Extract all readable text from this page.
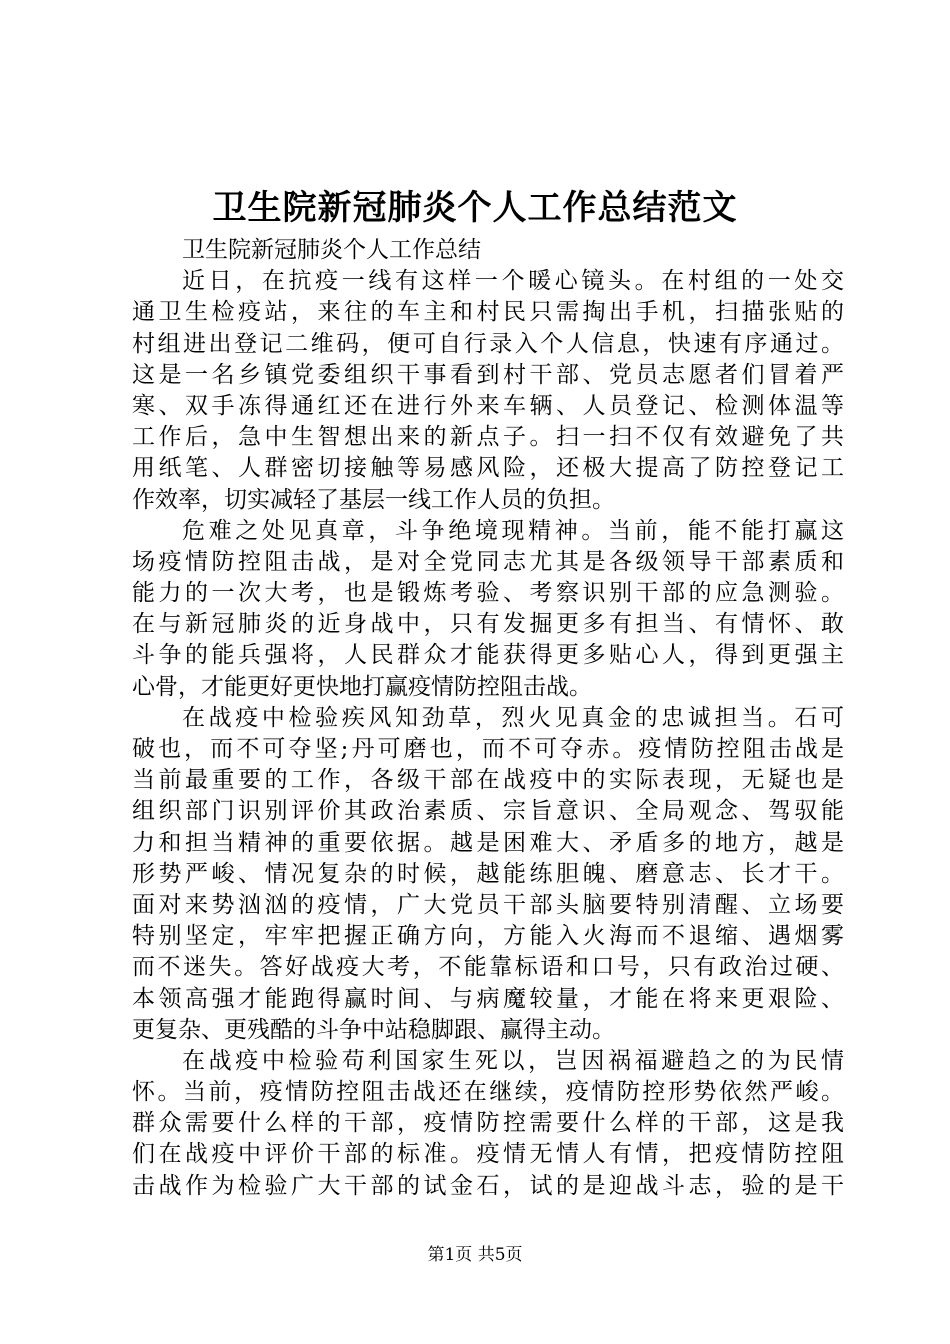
卫生院新冠肺炎个人工作总结范文
卫生院新冠肺炎个人工作总结
近日，在抗疫一线有这样一个暖心镜头。在村组的一处交
通卫生检疫站，来往的车主和村民只需掏出手机，扫描张贴的
村组进出登记二维码，便可自行录入个人信息，快速有序通过。
这是一名乡镇党委组织干事看到村干部、党员志愿者们冒着严
寒、双手冻得通红还在进行外来车辆、人员登记、检测体温等
工作后，急中生智想出来的新点子。扫一扫不仅有效避免了共
用纸笔、人群密切接触等易感风险，还极大提高了防控登记工
作效率，切实减轻了基层一线工作人员的负担。
危难之处见真章，斗争绝境现精神。当前，能不能打赢这
场疫情防控阻击战，是对全党同志尤其是各级领导干部素质和
能力的一次大考，也是锻炼考验、考察识别干部的应急测验。
在与新冠肺炎的近身战中，只有发掘更多有担当、有情怀、敢
斗争的能兵强将，人民群众才能获得更多贴心人，得到更强主
心骨，才能更好更快地打赢疫情防控阻击战。
在战疫中检验疾风知劲草，烈火见真金的忠诚担当。石可
破也，而不可夺坚;丹可磨也，而不可夺赤。疫情防控阻击战是
当前最重要的工作，各级干部在战疫中的实际表现，无疑也是
组织部门识别评价其政治素质、宗旨意识、全局观念、驾驭能
力和担当精神的重要依据。越是困难大、矛盾多的地方，越是
形势严峻、情况复杂的时候，越能练胆魄、磨意志、长才干。
面对来势汹汹的疫情，广大党员干部头脑要特别清醒、立场要
特别坚定，牢牢把握正确方向，方能入火海而不退缩、遇烟雾
而不迷失。答好战疫大考，不能靠标语和口号，只有政治过硬、
本领高强才能跑得赢时间、与病魔较量，才能在将来更艰险、
更复杂、更残酷的斗争中站稳脚跟、赢得主动。
在战疫中检验苟利国家生死以，岂因祸福避趋之的为民情
怀。当前，疫情防控阻击战还在继续，疫情防控形势依然严峻。
群众需要什么样的干部，疫情防控需要什么样的干部，这是我
们在战疫中评价干部的标准。疫情无情人有情，把疫情防控阻
击战作为检验广大干部的试金石，试的是迎战斗志，验的是干
第1页 共5页
